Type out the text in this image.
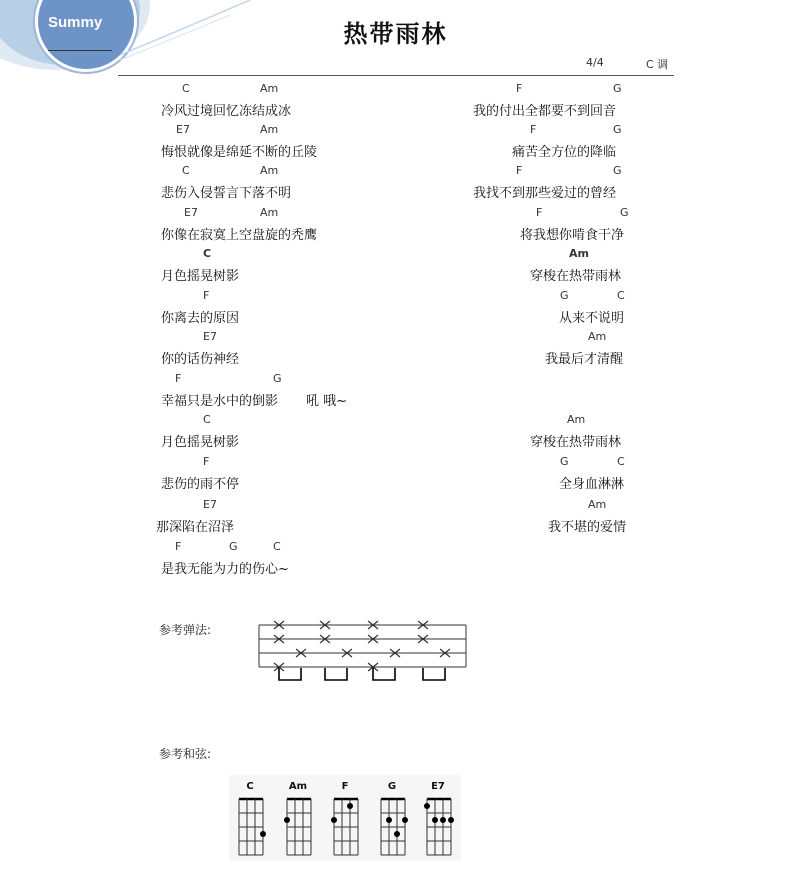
Summy	热带雨林
4/4	C 调
C	Am
冷风过境回忆冻结成冰
E7	Am
悔恨就像是绵延不断的丘陵
C	Am
悲伤入侵誓言下落不明
E7	Am
你像在寂寞上空盘旋的秃鹰
C
月色摇晃树影
F
你离去的原因
E7
你的话伤神经
F	G
幸福只是水中的倒影 吼 哦~
C
月色摇晃树影
F
悲伤的雨不停
E7
那深陷在沼泽
F	G	C
是我无能为力的伤心~
F	G
我的付出全都要不到回音
F	G
痛苦全方位的降临
F	G
我找不到那些爱过的曾经
F	G
将我想你啃食干净
Am
穿梭在热带雨林
G	C
从来不说明
Am
我最后才清醒
Am
穿梭在热带雨林
G	C
全身血淋淋
Am
我不堪的爱情
参考弹法:
参考和弦:
C	Am	F	G	E7
